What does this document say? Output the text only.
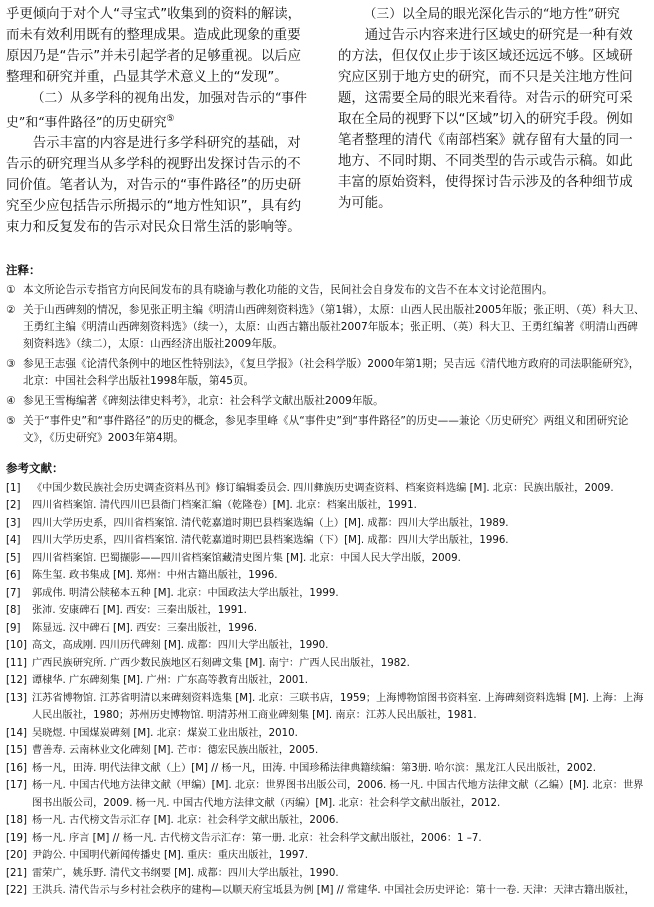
乎更倾向于对个人“寻宝式”收集到的资料的解读，而未有效利用既有的整理成果。造成此现象的重要原因乃是“告示”并未引起学者的足够重视。以后应整理和研究并重，凸显其学术意义上的“发现”。

（二）从多学科的视角出发，加强对告示的“事件史”和“事件路径”的历史研究⑤

告示丰富的内容是进行多学科研究的基础，对告示的研究理当从多学科的视野出发探讨告示的不同价值。笔者认为，对告示的“事件路径”的历史研究至少应包括告示所揭示的“地方性知识”，具有约束力和反复发布的告示对民众日常生活的影响等。

（三）以全局的眼光深化告示的“地方性”研究

通过告示内容来进行区域史的研究是一种有效的方法，但仅仅止步于该区域还远远不够。区域研究应区别于地方史的研究，而不只是关注地方性问题，这需要全局的眼光来看待。对告示的研究可采取在全局的视野下以“区域”切入的研究手段。例如笔者整理的清代《南部档案》就存留有大量的同一地方、不同时期、不同类型的告示或告示稿。如此丰富的原始资料，使得探讨告示涉及的各种细节成为可能。

注释：
① 本文所论告示专指官方向民间发布的具有晓谕与教化功能的文告，民间社会自身发布的文告不在本文讨论范围内。
② 关于山西碑刻的情况，参见张正明主编《明清山西碑刻资料选》（第1辑），太原：山西人民出版社2005年版；张正明、（英）科大卫、王勇红主编《明清山西碑刻资料选》（续一），太原：山西古籍出版社2007年版本；张正明、（英）科大卫、王勇红编著《明清山西碑刻资料选》（续二），太原：山西经济出版社2009年版。
③ 参见王志强《论清代条例中的地区性特别法》，《复旦学报》（社会科学版）2000年第1期；吴吉远《清代地方政府的司法职能研究》，北京：中国社会科学出版社1998年版，第45页。
④ 参见王雪梅编著《碑刻法律史料考》，北京：社会科学文献出版社2009年版。
⑤ 关于“事件史”和“事件路径”的历史的概念，参见李里峰《从“事件史”到“事件路径”的历史——兼论〈历史研究〉两组义和团研究论文》，《历史研究》2003年第4期。
参考文献：
[1] 《中国少数民族社会历史调查资料丛刊》修订编辑委员会. 四川彝族历史调查资料、档案资料选编 [M]. 北京：民族出版社，2009.
[2] 四川省档案馆. 清代四川巴县衙门档案汇编（乾隆卷）[M]. 北京：档案出版社，1991.
[3] 四川大学历史系，四川省档案馆. 清代乾嘉道时期巴县档案选编（上）[M]. 成都：四川大学出版社，1989.
[4] 四川大学历史系，四川省档案馆. 清代乾嘉道时期巴县档案选编（下）[M]. 成都：四川大学出版社，1996.
[5] 四川省档案馆. 巴蜀撷影——四川省档案馆藏清史图片集 [M]. 北京：中国人民大学出版，2009.
[6] 陈生玺. 政书集成 [M]. 郑州：中州古籍出版社，1996.
[7] 郭成伟. 明清公牍秘本五种 [M]. 北京：中国政法大学出版社，1999.
[8] 张沛. 安康碑石 [M]. 西安：三秦出版社，1991.
[9] 陈显远. 汉中碑石 [M]. 西安：三秦出版社，1996.
[10] 高文，高成刚. 四川历代碑刻 [M]. 成都：四川大学出版社，1990.
[11] 广西民族研究所. 广西少数民族地区石刻碑文集 [M]. 南宁：广西人民出版社，1982.
[12] 谭棣华. 广东碑刻集 [M]. 广州：广东高等教育出版社，2001.
[13] 江苏省博物馆. 江苏省明清以来碑刻资料选集 [M]. 北京：三联书店，1959；上海博物馆图书资料室. 上海碑刻资料选辑 [M]. 上海：上海人民出版社，1980；苏州历史博物馆. 明清苏州工商业碑刻集 [M]. 南京：江苏人民出版社，1981.
[14] 吴晓煜. 中国煤炭碑刻 [M]. 北京：煤炭工业出版社，2010.
[15] 曹善寿. 云南林业文化碑刻 [M]. 芒市：德宏民族出版社，2005.
[16] 杨一凡，田涛. 明代法律文献（上）[M] // 杨一凡，田涛. 中国珍稀法律典籍续编：第3册. 哈尔滨：黑龙江人民出版社，2002.
[17] 杨一凡. 中国古代地方法律文献（甲编）[M]. 北京：世界图书出版公司，2006. 杨一凡. 中国古代地方法律文献（乙编）[M]. 北京：世界图书出版公司，2009. 杨一凡. 中国古代地方法律文献（丙编）[M]. 北京：社会科学文献出版社，2012.
[18] 杨一凡. 古代榜文告示汇存 [M]. 北京：社会科学文献出版社，2006.
[19] 杨一凡. 序言 [M] // 杨一凡. 古代榜文告示汇存：第一册. 北京：社会科学文献出版社，2006：1 –7.
[20] 尹韵公. 中国明代新闻传播史 [M]. 重庆：重庆出版社，1997.
[21] 雷荣广，姚乐野. 清代文书纲要 [M]. 成都：四川大学出版社，1990.
[22] 王洪兵. 清代告示与乡村社会秩序的建构—以顺天府宝坻县为例 [M] // 常建华. 中国社会历史评论：第十一卷. 天津：天津古籍出版社，
